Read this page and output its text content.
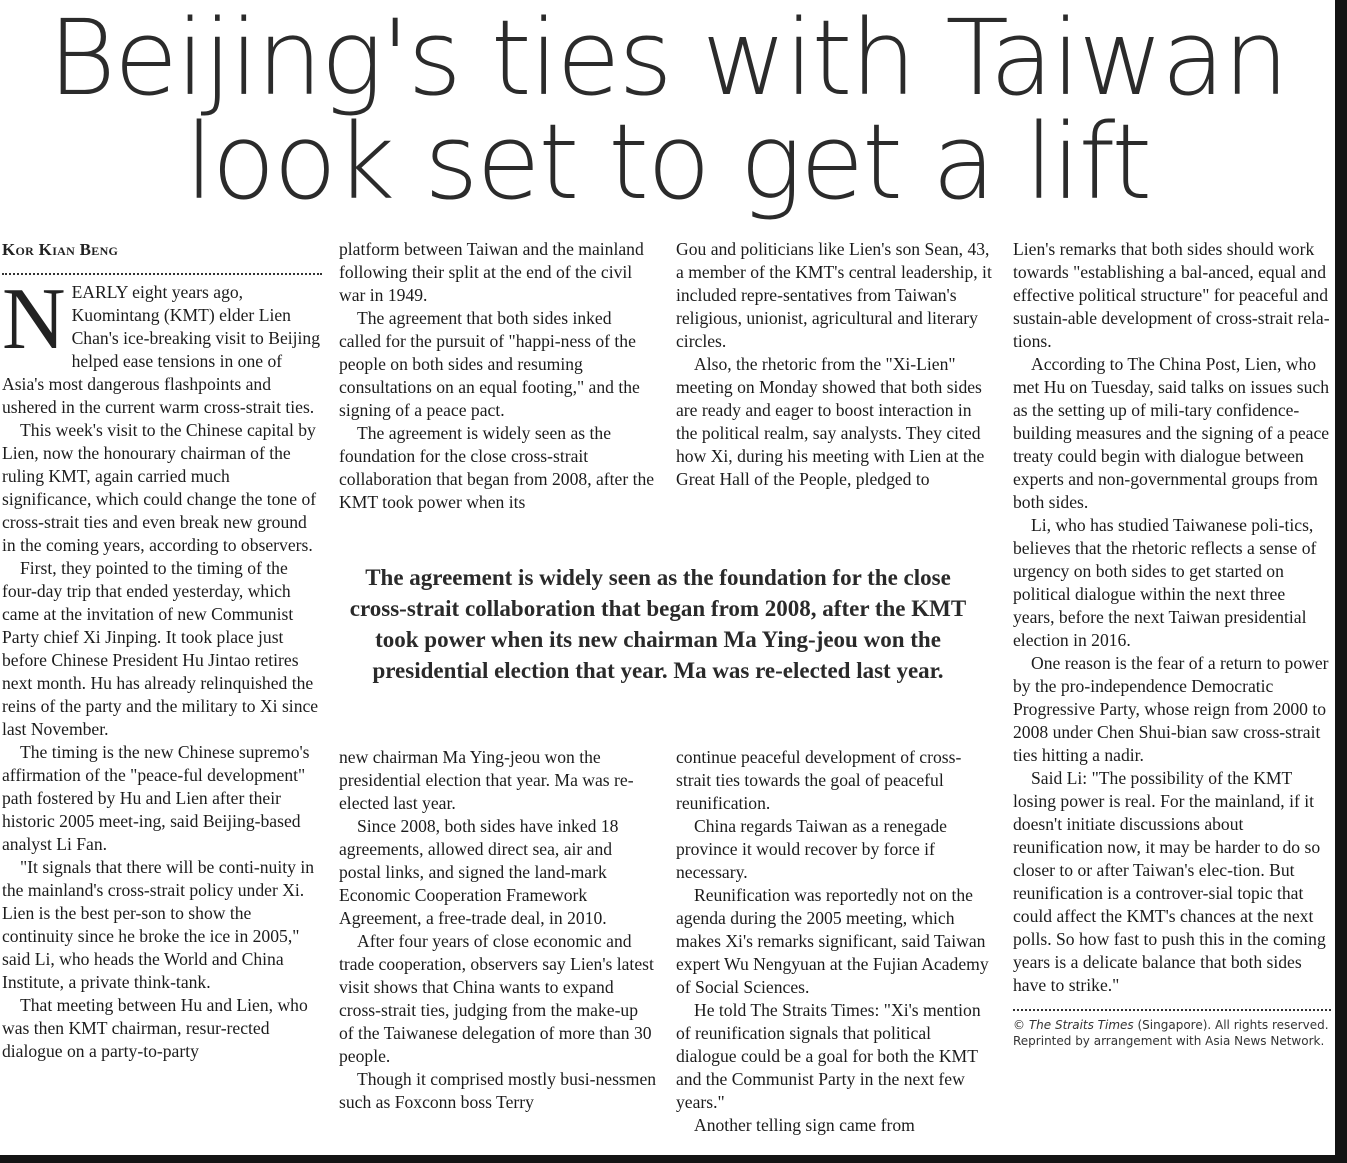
Beijing's ties with Taiwan
look set to get a lift
Kor Kian Beng

NEARLY eight years ago, Kuomintang (KMT) elder Lien Chan's ice-breaking visit to Beijing helped ease tensions in one of Asia's most dangerous flashpoints and ushered in the current warm cross-strait ties.

This week's visit to the Chinese capital by Lien, now the honourary chairman of the ruling KMT, again carried much significance, which could change the tone of cross-strait ties and even break new ground in the coming years, according to observers.

First, they pointed to the timing of the four-day trip that ended yesterday, which came at the invitation of new Communist Party chief Xi Jinping. It took place just before Chinese President Hu Jintao retires next month. Hu has already relinquished the reins of the party and the military to Xi since last November.

The timing is the new Chinese supremo's affirmation of the "peace-ful development" path fostered by Hu and Lien after their historic 2005 meet-ing, said Beijing-based analyst Li Fan.

"It signals that there will be conti-nuity in the mainland's cross-strait policy under Xi. Lien is the best per-son to show the continuity since he broke the ice in 2005," said Li, who heads the World and China Institute, a private think-tank.

That meeting between Hu and Lien, who was then KMT chairman, resur-rected dialogue on a party-to-party

platform between Taiwan and the mainland following their split at the end of the civil war in 1949.

The agreement that both sides inked called for the pursuit of "happi-ness of the people on both sides and resuming consultations on an equal footing," and the signing of a peace pact.

The agreement is widely seen as the foundation for the close cross-strait collaboration that began from 2008, after the KMT took power when its

Gou and politicians like Lien's son Sean, 43, a member of the KMT's central leadership, it included repre-sentatives from Taiwan's religious, unionist, agricultural and literary circles.

Also, the rhetoric from the "Xi-Lien" meeting on Monday showed that both sides are ready and eager to boost interaction in the political realm, say analysts. They cited how Xi, during his meeting with Lien at the Great Hall of the People, pledged to

The agreement is widely seen as the foundation for the close cross-strait collaboration that began from 2008, after the KMT took power when its new chairman Ma Ying-jeou won the presidential election that year. Ma was re-elected last year.

new chairman Ma Ying-jeou won the presidential election that year. Ma was re-elected last year.

Since 2008, both sides have inked 18 agreements, allowed direct sea, air and postal links, and signed the land-mark Economic Cooperation Framework Agreement, a free-trade deal, in 2010.

After four years of close economic and trade cooperation, observers say Lien's latest visit shows that China wants to expand cross-strait ties, judging from the make-up of the Taiwanese delegation of more than 30 people.

Though it comprised mostly busi-nessmen such as Foxconn boss Terry

continue peaceful development of cross-strait ties towards the goal of peaceful reunification.

China regards Taiwan as a renegade province it would recover by force if necessary.

Reunification was reportedly not on the agenda during the 2005 meeting, which makes Xi's remarks significant, said Taiwan expert Wu Nengyuan at the Fujian Academy of Social Sciences.

He told The Straits Times: "Xi's mention of reunification signals that political dialogue could be a goal for both the KMT and the Communist Party in the next few years."

Another telling sign came from

Lien's remarks that both sides should work towards "establishing a bal-anced, equal and effective political structure" for peaceful and sustain-able development of cross-strait rela-tions.

According to The China Post, Lien, who met Hu on Tuesday, said talks on issues such as the setting up of mili-tary confidence-building measures and the signing of a peace treaty could begin with dialogue between experts and non-governmental groups from both sides.

Li, who has studied Taiwanese poli-tics, believes that the rhetoric reflects a sense of urgency on both sides to get started on political dialogue within the next three years, before the next Taiwan presidential election in 2016.

One reason is the fear of a return to power by the pro-independence Democratic Progressive Party, whose reign from 2000 to 2008 under Chen Shui-bian saw cross-strait ties hitting a nadir.

Said Li: "The possibility of the KMT losing power is real. For the mainland, if it doesn't initiate discussions about reunification now, it may be harder to do so closer to or after Taiwan's elec-tion. But reunification is a controver-sial topic that could affect the KMT's chances at the next polls. So how fast to push this in the coming years is a delicate balance that both sides have to strike."

© The Straits Times (Singapore). All rights reserved. Reprinted by arrangement with Asia News Network.
